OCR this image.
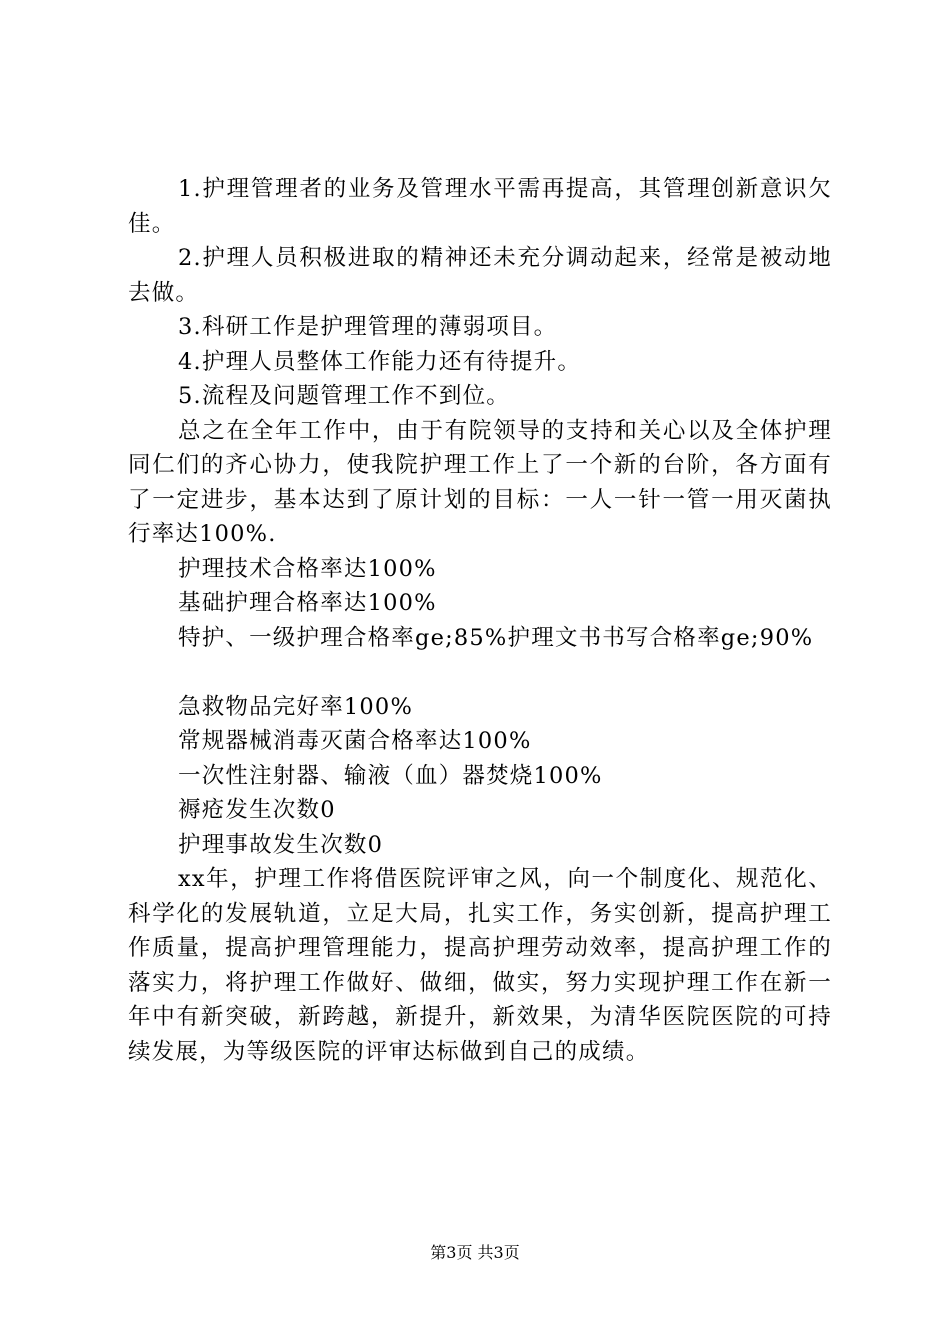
1.护理管理者的业务及管理水平需再提高，其管理创新意识欠佳。

2.护理人员积极进取的精神还未充分调动起来，经常是被动地去做。

3.科研工作是护理管理的薄弱项目。

4.护理人员整体工作能力还有待提升。

5.流程及问题管理工作不到位。

总之在全年工作中，由于有院领导的支持和关心以及全体护理同仁们的齐心协力，使我院护理工作上了一个新的台阶，各方面有了一定进步，基本达到了原计划的目标：一人一针一管一用灭菌执行率达100%.

护理技术合格率达100%

基础护理合格率达100%

特护、一级护理合格率ge;85%护理文书书写合格率ge;90%

急救物品完好率100%

常规器械消毒灭菌合格率达100%

一次性注射器、输液（血）器焚烧100%

褥疮发生次数0

护理事故发生次数0

xx年，护理工作将借医院评审之风，向一个制度化、规范化、科学化的发展轨道，立足大局，扎实工作，务实创新，提高护理工作质量，提高护理管理能力，提高护理劳动效率，提高护理工作的落实力，将护理工作做好、做细，做实，努力实现护理工作在新一年中有新突破，新跨越，新提升，新效果，为清华医院医院的可持续发展，为等级医院的评审达标做到自己的成绩。

第3页 共3页
